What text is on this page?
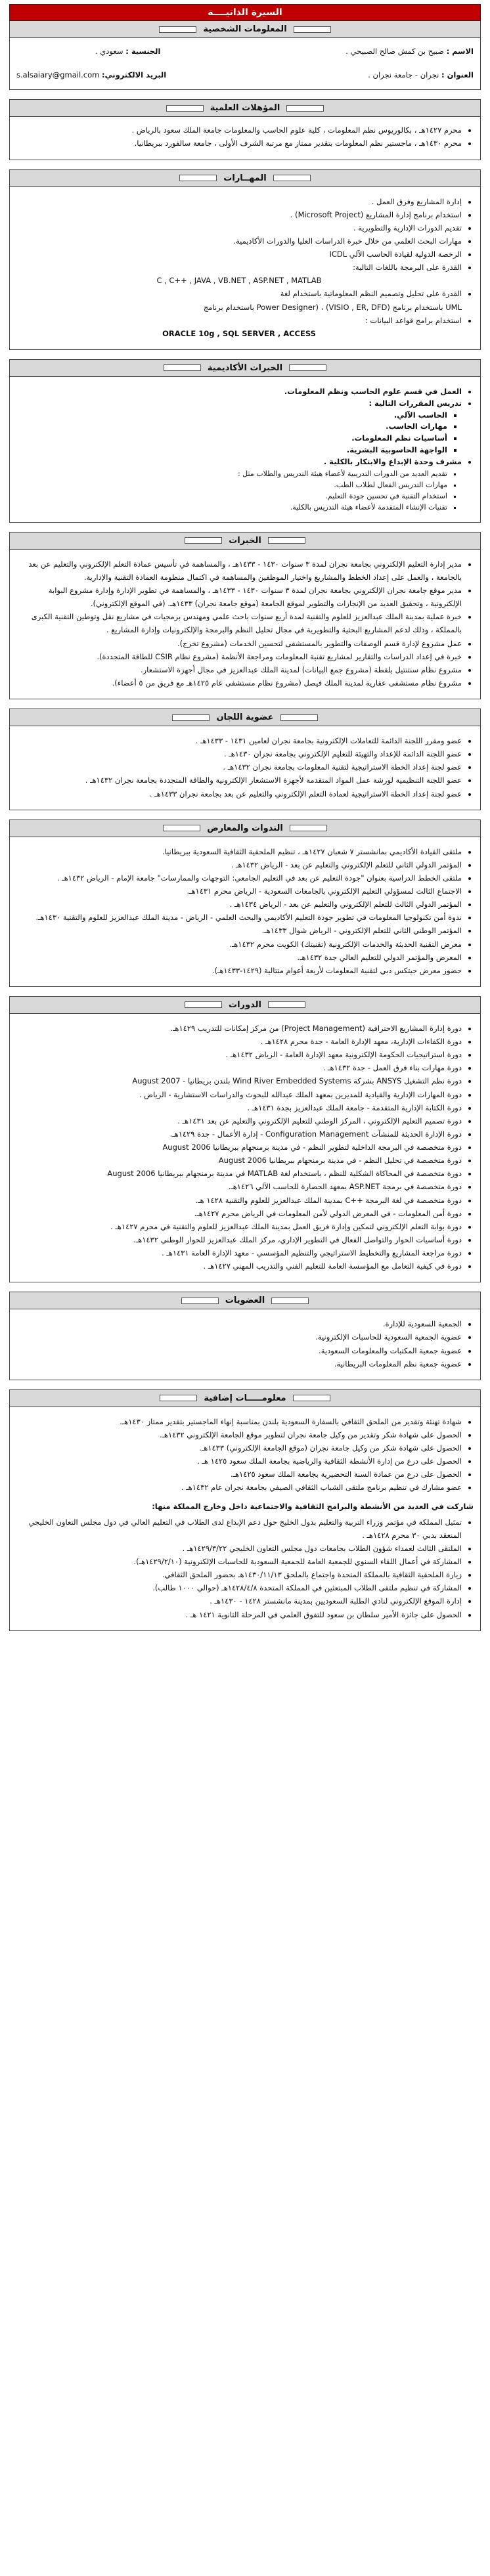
السيرة الذاتيــــة
المعلومات الشخصية
الاسم : صبيح بن كمش صالح الصبيحي .
الجنسية : سعودي .
العنوان : نجران - جامعة نجران .
البريد الالكتروني: s.alsaiary@gmail.com
المؤهلات العلمية
• محرم ١٤٢٧هـ ، بكالوريوس نظم المعلومات ، كلية علوم الحاسب والمعلومات جامعة الملك سعود بالرياض .
• محرم ١٤٣٠هـ ، ماجستير نظم المعلومات بتقدير ممتاز مع مرتبة الشرف الأولى ، جامعة سالفورد ببريطانيا.
المهــارات
• إدارة المشاريع وفرق العمل .
• استخدام برنامج إدارة المشاريع (Microsoft Project) .
• تقديم الدورات الإدارية والتطويرية .
• مهارات البحث العلمي من خلال خبرة الدراسات العليا والدورات الأكاديمية.
• الرخصة الدولية لقيادة الحاسب الآلي ICDL
• القدرة على البرمجة باللغات التالية:
C , C++ , JAVA , VB.NET , ASP.NET , MATLAB
• القدرة على تحليل وتصميم النظم المعلوماتية باستخدام لغة
UML باستخدام برنامج (VISIO , ER, DFD) ، (Power Designer باستخدام برنامج
• استخدام برامج قواعد البيانات :
ORACLE 10g , SQL SERVER , ACCESS
الخبرات الأكاديمية
• العمل في قسم علوم الحاسب ونظم المعلومات.
• تدريس المقررات التالية :
▪ الحاسب الآلي.
▪ مهارات الحاسب.
▪ أساسيات نظم المعلومات.
▪ الواجهة الحاسوبية البشرية.
• مشرف وحدة الإبداع والابتكار بالكلية .
▪ تقديم العديد من الدورات التدريبية لأعضاء هيئة التدريس والطلاب مثل :
▪ مهارات التدريس الفعال لطلاب الطب.
▪ استخدام التقنية في تحسين جودة التعليم.
▪ تقنيات الإنشاء المتقدمة لأعضاء هيئة التدريس بالكلية.
الخبرات
• مدير إدارة التعليم الإلكتروني بجامعة نجران لمدة ٣ سنوات ١٤٣٠ - ١٤٣٣هـ ، والمساهمة في تأسيس عمادة التعلم الإلكتروني والتعليم عن بعد بالجامعة ، والعمل على إعداد الخطط والمشاريع واختيار الموظفين والمساهمة في اكتمال منظومة العمادة التقنية والإدارية.
• مدير موقع جامعة نجران الإلكتروني بجامعة نجران لمدة ٣ سنوات ١٤٣٠ - ١٤٣٣هـ ، والمساهمة في تطوير الإدارة وإدارة مشروع البوابة الإلكترونية ، وتحقيق العديد من الإنجازات والتطوير لموقع الجامعة (موقع جامعة نجران) ١٤٣٣هـ. (في الموقع الإلكتروني).
• خبرة عملية بمدينة الملك عبدالعزيز للعلوم والتقنية لمدة أربع سنوات باحث علمي ومهندس برمجيات في مشاريع نقل وتوطين التقنية الكبرى بالمملكة ، وذلك لدعم المشاريع البحثية والتطويرية في مجال تحليل النظم والبرمجة والإلكترونيات وإدارة المشاريع .
• عمل مشروع لإدارة قسم الوصفات والتطوير بالمستشفى لتحسين الخدمات (مشروع تخرج).
• خبرة في إعداد الدراسات والتقارير لمشاريع تقنية المعلومات ومراجعة الأنظمة (مشروع نظام CSIR للطاقة المتجددة).
• مشروع نظام سنتنتيل بلقطة (مشروع جمع البيانات) لمدينة الملك عبدالعزيز في مجال أجهزة الاستشعار.
• مشروع نظام مستشفى عقارية لمدينة الملك فيصل (مشروع نظام مستشفى عام ١٤٢٥هـ مع فريق من ٥ أعضاء).
عضوية اللجان
• عضو ومقرر اللجنة الدائمة للتعاملات الإلكترونية بجامعة نجران لعامين ١٤٣١ - ١٤٣٣هـ .
• عضو اللجنة الدائمة للإعداد والتهيئة للتعليم الإلكتروني بجامعة نجران ١٤٣٠هـ .
• عضو لجنة إعداد الخطة الاستراتيجية لتقنية المعلومات بجامعة نجران ١٤٣٢هـ .
• عضو اللجنة التنظيمية لورشة عمل المواد المتقدمة لأجهزة الاستشعار الإلكترونية والطاقة المتجددة بجامعة نجران ١٤٣٢هـ .
• عضو لجنة إعداد الخطة الاستراتيجية لعمادة التعلم الإلكتروني والتعليم عن بعد بجامعة نجران ١٤٣٣هـ .
الندوات والمعارض
• ملتقى القيادة الأكاديمي بمانشستر ٧ شعبان ١٤٢٧هـ ، تنظيم الملحقية الثقافية السعودية ببريطانيا.
• المؤتمر الدولي الثاني للتعلم الإلكتروني والتعليم عن بعد - الرياض ١٤٣٢هـ .
• ملتقى الخطط الدراسية بعنوان "جودة التعليم عن بعد في التعليم الجامعي: التوجهات والممارسات" جامعة الإمام - الرياض ١٤٣٢هـ .
• الاجتماع الثالث لمسؤولي التعليم الإلكتروني بالجامعات السعودية - الرياض محرم ١٤٣١هـ.
• المؤتمر الدولي الثالث للتعلم الإلكتروني والتعليم عن بعد - الرياض ١٤٣٤هـ .
• ندوة أمن تكنولوجيا المعلومات في تطوير جودة التعليم الأكاديمي والبحث العلمي - الرياض - مدينة الملك عبدالعزيز للعلوم والتقنية ١٤٣٠هـ.
• المؤتمر الوطني الثاني للتعلم الإلكتروني - الرياض شوال ١٤٣٣هـ.
• معرض التقنية الحديثة والخدمات الإلكترونية (تقنيتك) الكويت محرم ١٤٣٢هـ.
• المعرض والمؤتمر الدولي للتعليم العالي جدة ١٤٣٢هـ.
• حضور معرض جيتكس دبي لتقنية المعلومات لأربعة أعوام متتالية (١٤٢٩-١٤٣٣هـ).
الدورات
• دورة إدارة المشاريع الاحترافية (Project Management) من مركز إمكانات للتدريب ١٤٢٩هـ.
• دورة الكفاءات الإدارية، معهد الإدارة العامة - جدة محرم ١٤٢٨هـ .
• دورة استراتيجيات الحكومة الإلكترونية معهد الإدارة العامة - الرياض ١٤٣٢هـ .
• دورة مهارات بناء فرق العمل - جدة ١٤٣٢هـ .
• دورة نظم التشغيل ANSYS بشركة Wind River Embedded Systems بلندن بريطانيا - August 2007
• دورة المهارات الإدارية والقيادية للمديرين بمعهد الملك عبدالله للبحوث والدراسات الاستشارية - الرياض .
• دورة الكتابة الإدارية المتقدمة - جامعة الملك عبدالعزيز بجدة ١٤٣١هـ .
• دورة تصميم التعليم الإلكتروني ، المركز الوطني للتعليم الإلكتروني والتعليم عن بعد ١٤٣١هـ .
• دورة الإدارة الحديثة للمنشآت Configuration Management - إدارة الأعمال - جدة ١٤٢٩هـ.
• دورة متخصصة في البرمجة الداخلية لتطوير النظم - في مدينة برمنجهام ببريطانيا August 2006
• دورة متخصصة في تحليل النظم - في مدينة برمنجهام ببريطانيا August 2006
• دورة متخصصة في المحاكاة الشكلية للنظم ، باستخدام لغة MATLAB في مدينة برمنجهام ببريطانيا August 2006
• دورة متخصصة في برمجة ASP.NET بمعهد الحضارة للحاسب الآلي ١٤٢٦هـ.
• دورة متخصصة في لغة البرمجة ++C بمدينة الملك عبدالعزيز للعلوم والتقنية ١٤٢٨ هـ.
• دورة أمن المعلومات - في المعرض الدولي لأمن المعلومات في الرياض محرم ١٤٢٧هـ.
• دورة بوابة التعلم الإلكتروني لتمكين وإدارة فريق العمل بمدينة الملك عبدالعزيز للعلوم والتقنية في محرم ١٤٢٧هـ .
• دورة أساسيات الحوار والتواصل الفعال في التطوير الإداري، مركز الملك عبدالعزيز للحوار الوطني ١٤٣٢هـ.
• دورة مراجعة المشاريع والتخطيط الاستراتيجي والتنظيم المؤسسي - معهد الإدارة العامة ١٤٣١هـ .
• دورة في كيفية التعامل مع المؤسسة العامة للتعليم الفني والتدريب المهني ١٤٢٧هـ .
العضويات
• الجمعية السعودية للإدارة.
• عضوية الجمعية السعودية للحاسبات الإلكترونية.
• عضوية جمعية المكتبات والمعلومات السعودية.
• عضوية جمعية نظم المعلومات البريطانية.
معلومـــــات إضافية
• شهادة تهنئة وتقدير من الملحق الثقافي بالسفارة السعودية بلندن بمناسبة إنهاء الماجستير بتقدير ممتاز ١٤٣٠هـ.
• الحصول على شهادة شكر وتقدير من وكيل جامعة نجران لتطوير موقع الجامعة الإلكتروني ١٤٣٢هـ.
• الحصول على شهادة شكر من وكيل جامعة نجران (موقع الجامعة الإلكتروني) ١٤٣٣هـ.
• الحصول على درع من إدارة الأنشطة الثقافية والرياضية بجامعة الملك سعود ١٤٢٥ هـ .
• الحصول على درع من عمادة السنة التحضيرية بجامعة الملك سعود ١٤٢٥هـ.
• عضو مشارك في تنظيم برنامج ملتقى الشباب الثقافي الصيفي بجامعة نجران عام ١٤٣٢هـ .
شاركت في العديد من الأنشطة والبرامج الثقافية والاجتماعية داخل وخارج المملكة منها:
• تمثيل المملكة في مؤتمر وزراء التربية والتعليم بدول الخليج حول دعم الإبداع لدى الطلاب في التعليم العالي في دول مجلس التعاون الخليجي المنعقد بدبي ٣٠ محرم ١٤٢٨هـ .
• الملتقى الثالث لعمداء شؤون الطلاب بجامعات دول مجلس التعاون الخليجي ١٤٢٩/٣/٢٢هـ .
• المشاركة في أعمال اللقاء السنوي للجمعية العامة للجمعية السعودية للحاسبات الإلكترونية (١٤٢٩/٢/١٠هـ).
• زيارة الملحقية الثقافية بالمملكة المتحدة واجتماع بالملحق ١٤٣٠/١١/١٣هـ بحضور الملحق الثقافي.
• المشاركة في تنظيم ملتقى الطلاب المبتعثين في المملكة المتحدة ١٤٢٨/٤/٨هـ (حوالي ١٠٠٠ طالب).
• إدارة الموقع الإلكتروني لنادي الطلبة السعوديين بمدينة مانشستر ١٤٢٨ - ١٤٣٠هـ .
• الحصول على جائزة الأمير سلطان بن سعود للتفوق العلمي في المرحلة الثانوية ١٤٢١ هـ .
